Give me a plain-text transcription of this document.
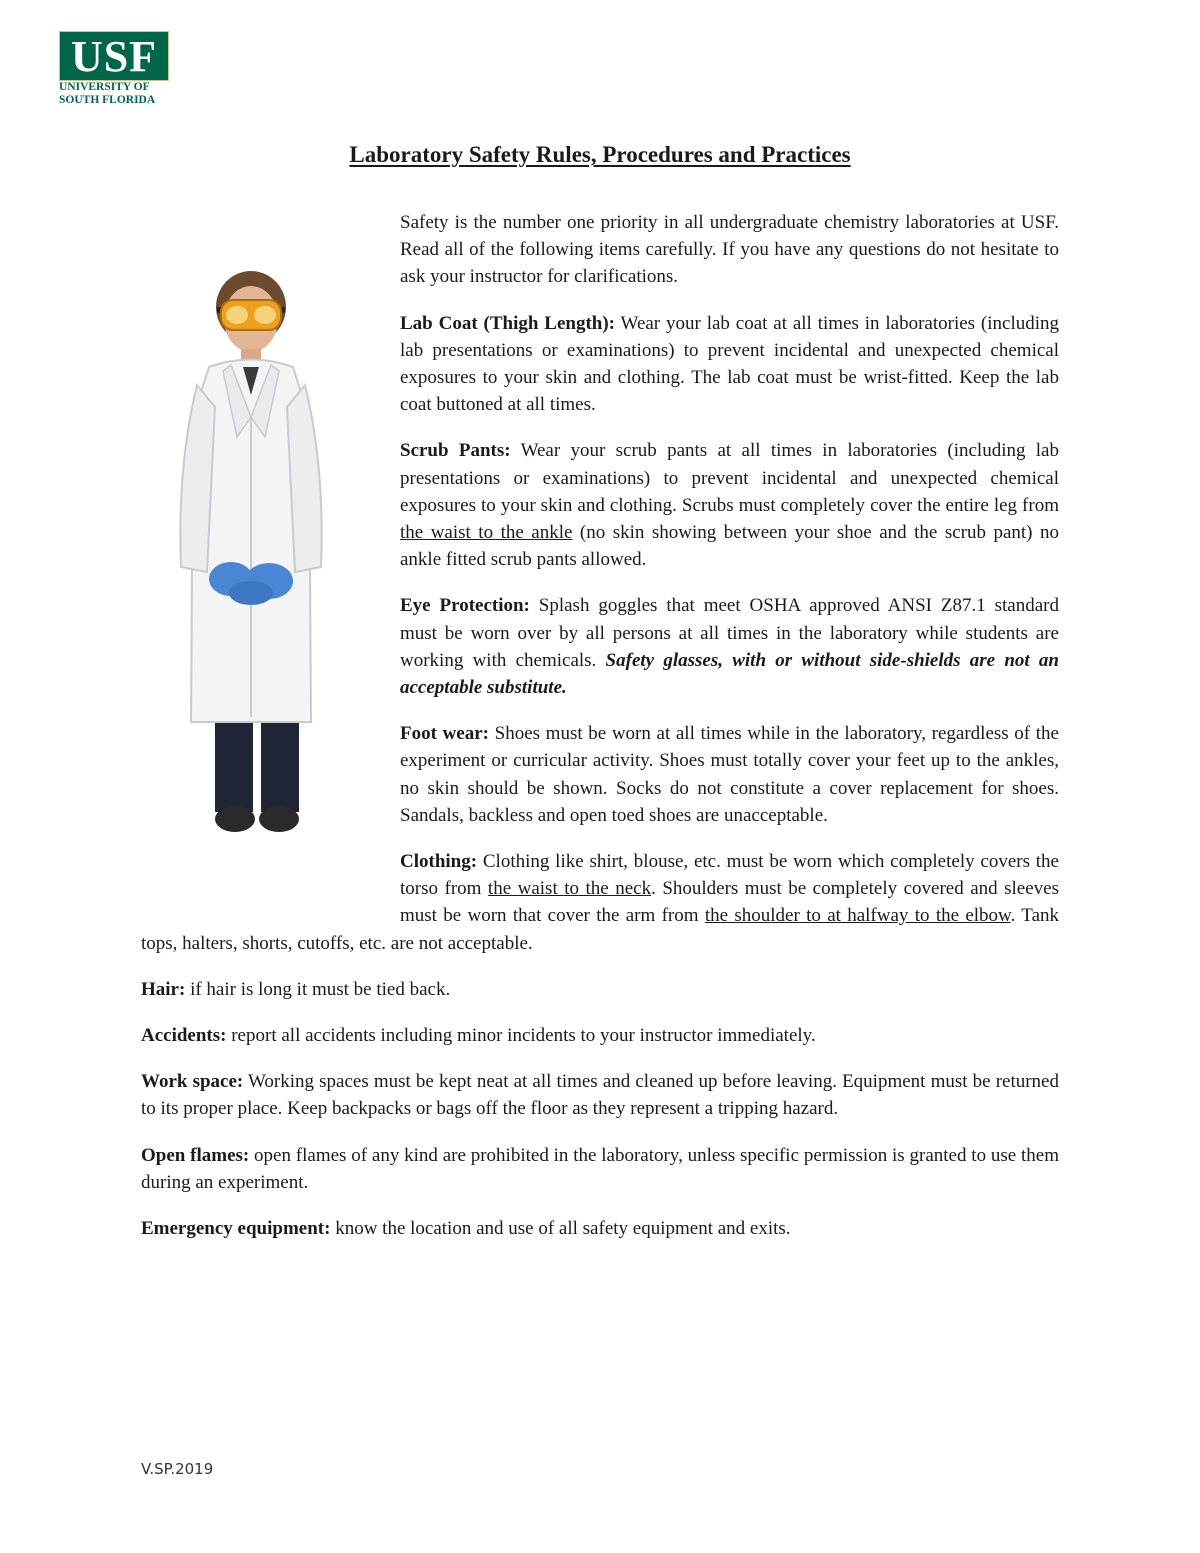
USF
UNIVERSITY OF
SOUTH FLORIDA
Laboratory Safety Rules, Procedures and Practices

Safety is the number one priority in all undergraduate chemistry laboratories at USF. Read all of the following items carefully. If you have any questions do not hesitate to ask your instructor for clarifications.

Lab Coat (Thigh Length): Wear your lab coat at all times in laboratories (including lab presentations or examinations) to prevent incidental and unexpected chemical exposures to your skin and clothing. The lab coat must be wrist-fitted. Keep the lab coat buttoned at all times.

Scrub Pants: Wear your scrub pants at all times in laboratories (including lab presentations or examinations) to prevent incidental and unexpected chemical exposures to your skin and clothing. Scrubs must completely cover the entire leg from the waist to the ankle (no skin showing between your shoe and the scrub pant) no ankle fitted scrub pants allowed.

Eye Protection: Splash goggles that meet OSHA approved ANSI Z87.1 standard must be worn over by all persons at all times in the laboratory while students are working with chemicals. Safety glasses, with or without side-shields are not an acceptable substitute.

Foot wear: Shoes must be worn at all times while in the laboratory, regardless of the experiment or curricular activity. Shoes must totally cover your feet up to the ankles, no skin should be shown. Socks do not constitute a cover replacement for shoes. Sandals, backless and open toed shoes are unacceptable.

Clothing: Clothing like shirt, blouse, etc. must be worn which completely covers the torso from the waist to the neck. Shoulders must be completely covered and sleeves must be worn that cover the arm from the shoulder to at halfway to the elbow. Tank tops, halters, shorts, cutoffs, etc. are not acceptable.

Hair: if hair is long it must be tied back.

Accidents: report all accidents including minor incidents to your instructor immediately.

Work space: Working spaces must be kept neat at all times and cleaned up before leaving. Equipment must be returned to its proper place. Keep backpacks or bags off the floor as they represent a tripping hazard.

Open flames: open flames of any kind are prohibited in the laboratory, unless specific permission is granted to use them during an experiment.

Emergency equipment: know the location and use of all safety equipment and exits.

V.SP.2019
